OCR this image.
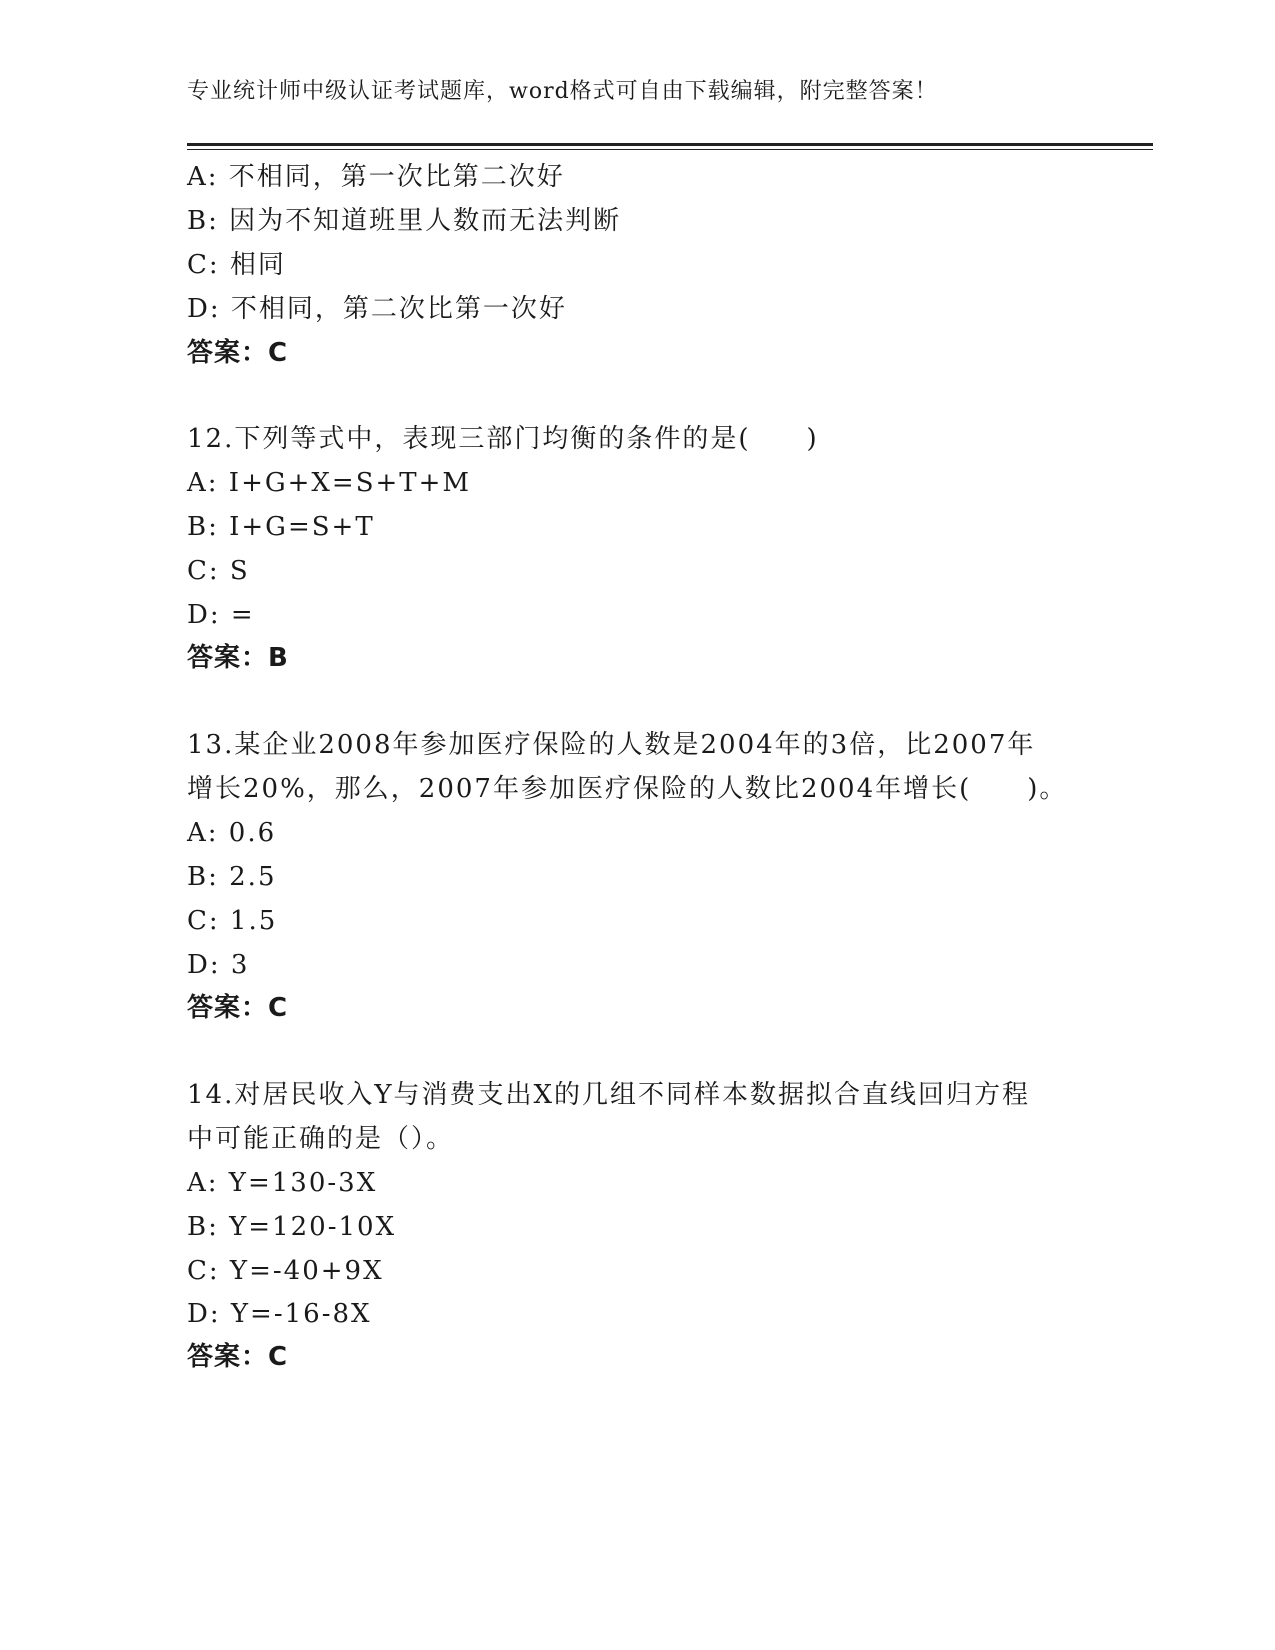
专业统计师中级认证考试题库，word格式可自由下载编辑，附完整答案！
A: 不相同，第一次比第二次好
B: 因为不知道班里人数而无法判断
C: 相同
D: 不相同，第二次比第一次好
答案：C
12.下列等式中，表现三部门均衡的条件的是(　　)
A: I+G+X=S+T+M
B: I+G=S+T
C: S
D: =
答案：B
13.某企业2008年参加医疗保险的人数是2004年的3倍，比2007年
增长20%，那么，2007年参加医疗保险的人数比2004年增长(　　)。
A: 0.6
B: 2.5
C: 1.5
D: 3
答案：C
14.对居民收入Y与消费支出X的几组不同样本数据拟合直线回归方程
中可能正确的是（）。
A: Y=130-3X
B: Y=120-10X
C: Y=-40+9X
D: Y=-16-8X
答案：C
